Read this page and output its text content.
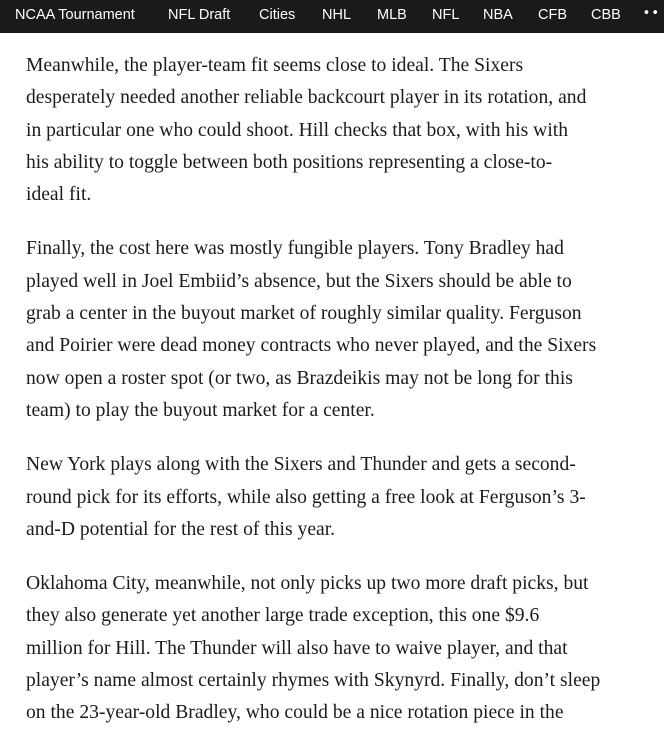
NCAA Tournament NFL Draft Cities NHL MLB NFL NBA CFB CBB ••

Meanwhile, the player-team fit seems close to ideal. The Sixers
desperately needed another reliable backcourt player in its rotation, and
in particular one who could shoot. Hill checks that box, with his with
his ability to toggle between both positions representing a close-to-
ideal fit.

Finally, the cost here was mostly fungible players. Tony Bradley had
played well in Joel Embiid’s absence, but the Sixers should be able to
grab a center in the buyout market of roughly similar quality. Ferguson
and Poirier were dead money contracts who never played, and the Sixers
now open a roster spot (or two, as Brazdeikis may not be long for this
team) to play the buyout market for a center.

New York plays along with the Sixers and Thunder and gets a second-
round pick for its efforts, while also getting a free look at Ferguson’s 3-
and-D potential for the rest of this year.

Oklahoma City, meanwhile, not only picks up two more draft picks, but
they also generate yet another large trade exception, this one $9.6
million for Hill. The Thunder will also have to waive player, and that
player’s name almost certainly rhymes with Skynyrd. Finally, don’t sleep
on the 23-year-old Bradley, who could be a nice rotation piece in the
